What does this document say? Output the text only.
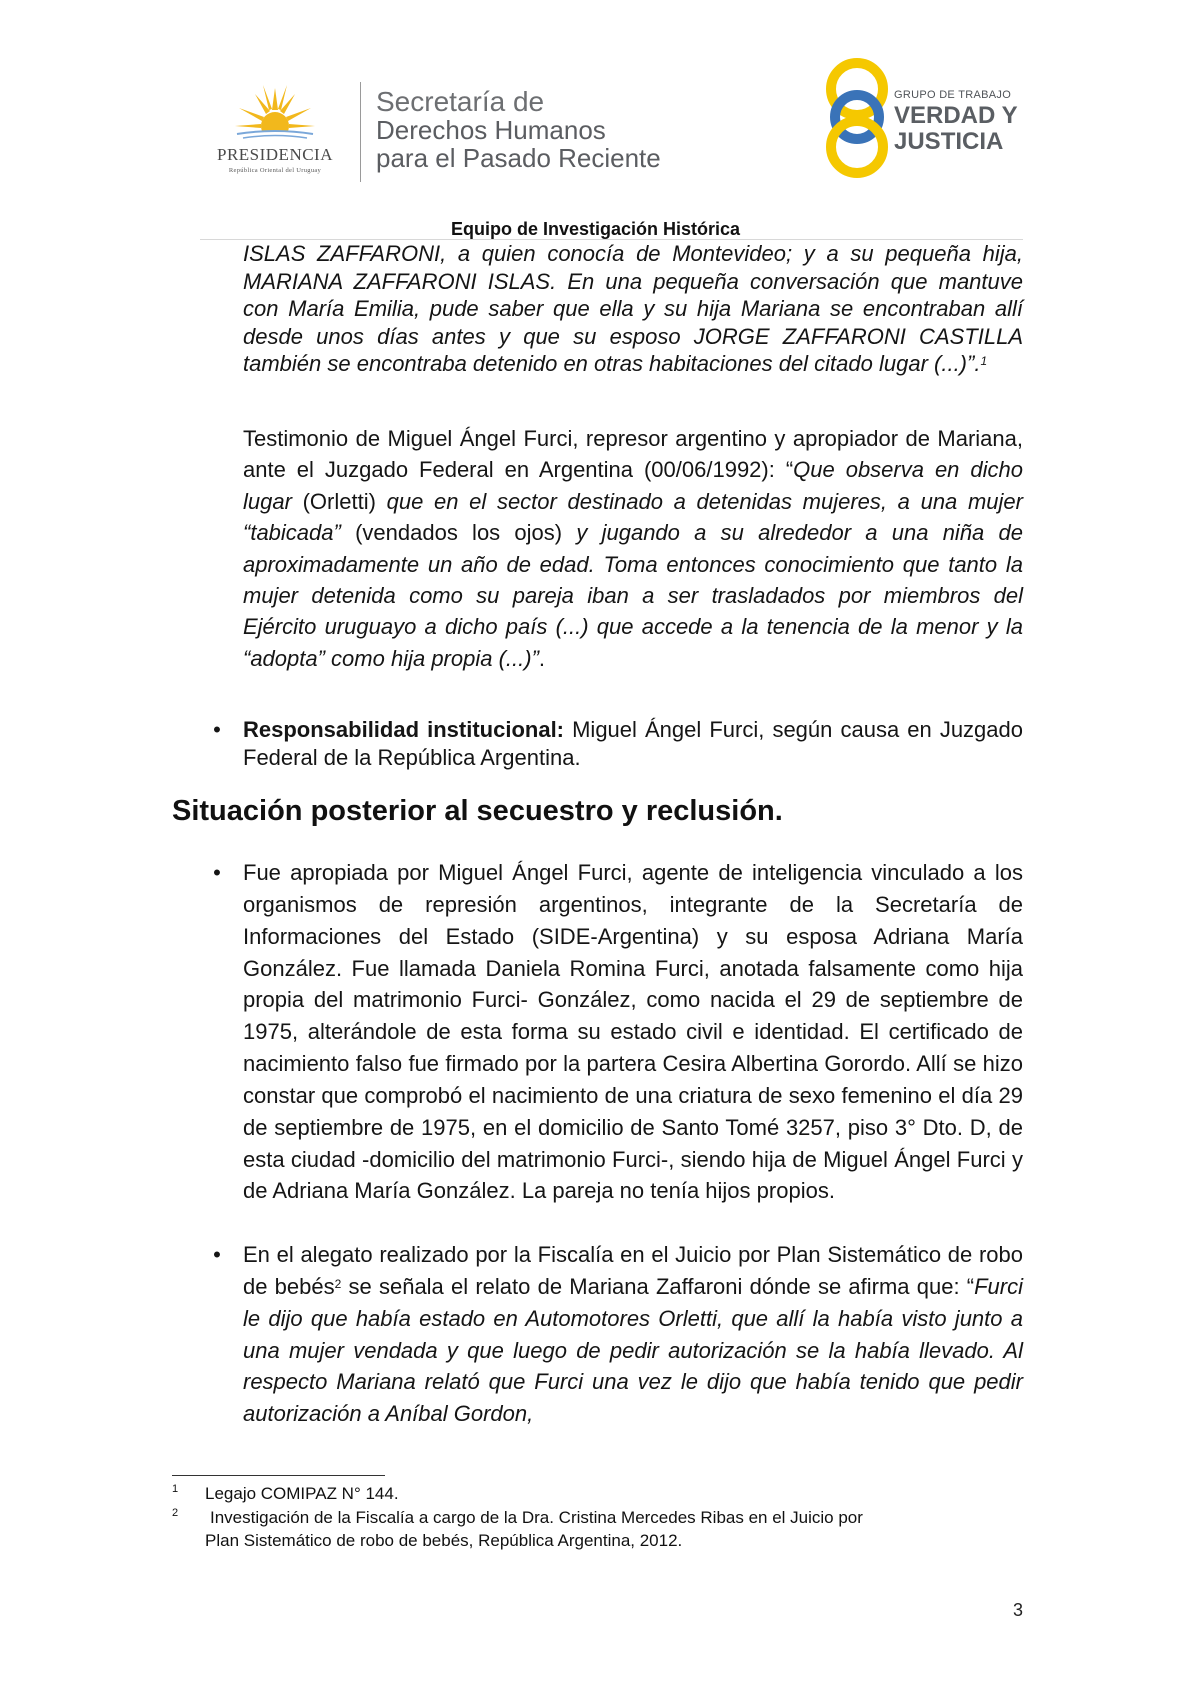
PRESIDENCIA
República Oriental del Uruguay
Secretaría de
Derechos Humanos
para el Pasado Reciente
GRUPO DE TRABAJO
VERDAD Y
JUSTICIA
Equipo de Investigación Histórica
ISLAS ZAFFARONI, a quien conocía de Montevideo; y a su pequeña hija, MARIANA ZAFFARONI ISLAS. En una pequeña conversación que mantuve con María Emilia, pude saber que ella y su hija Mariana se encontraban allí desde unos días antes y que su esposo JORGE ZAFFARONI CASTILLA también se encontraba detenido en otras habitaciones del citado lugar (...)”.$^1$
Testimonio de Miguel Ángel Furci, represor argentino y apropiador de Mariana, ante el Juzgado Federal en Argentina (00/06/1992): “Que observa en dicho lugar (Orletti) que en el sector destinado a detenidas mujeres, a una mujer “tabicada” (vendados los ojos) y jugando a su alrededor a una niña de aproximadamente un año de edad. Toma entonces conocimiento que tanto la mujer detenida como su pareja iban a ser trasladados por miembros del Ejército uruguayo a dicho país (...) que accede a la tenencia de la menor y la “adopta” como hija propia (...)”.
• Responsabilidad institucional: Miguel Ángel Furci, según causa en Juzgado Federal de la República Argentina.
Situación posterior al secuestro y reclusión.
• Fue apropiada por Miguel Ángel Furci, agente de inteligencia vinculado a los organismos de represión argentinos, integrante de la Secretaría de Informaciones del Estado (SIDE-Argentina) y su esposa Adriana María González. Fue llamada Daniela Romina Furci, anotada falsamente como hija propia del matrimonio Furci- González, como nacida el 29 de septiembre de 1975, alterándole de esta forma su estado civil e identidad. El certificado de nacimiento falso fue firmado por la partera Cesira Albertina Gorordo. Allí se hizo constar que comprobó el nacimiento de una criatura de sexo femenino el día 29 de septiembre de 1975, en el domicilio de Santo Tomé 3257, piso 3° Dto. D, de esta ciudad -domicilio del matrimonio Furci-, siendo hija de Miguel Ángel Furci y de Adriana María González. La pareja no tenía hijos propios.
• En el alegato realizado por la Fiscalía en el Juicio por Plan Sistemático de robo de bebés$^2$ se señala el relato de Mariana Zaffaroni dónde se afirma que: “Furci le dijo que había estado en Automotores Orletti, que allí la había visto junto a una mujer vendada y que luego de pedir autorización se la había llevado. Al respecto Mariana relató que Furci una vez le dijo que había tenido que pedir autorización a Aníbal Gordon,
1	Legajo COMIPAZ N° 144.
2	Investigación de la Fiscalía a cargo de la Dra. Cristina Mercedes Ribas en el Juicio por
Plan Sistemático de robo de bebés, República Argentina, 2012.
3
